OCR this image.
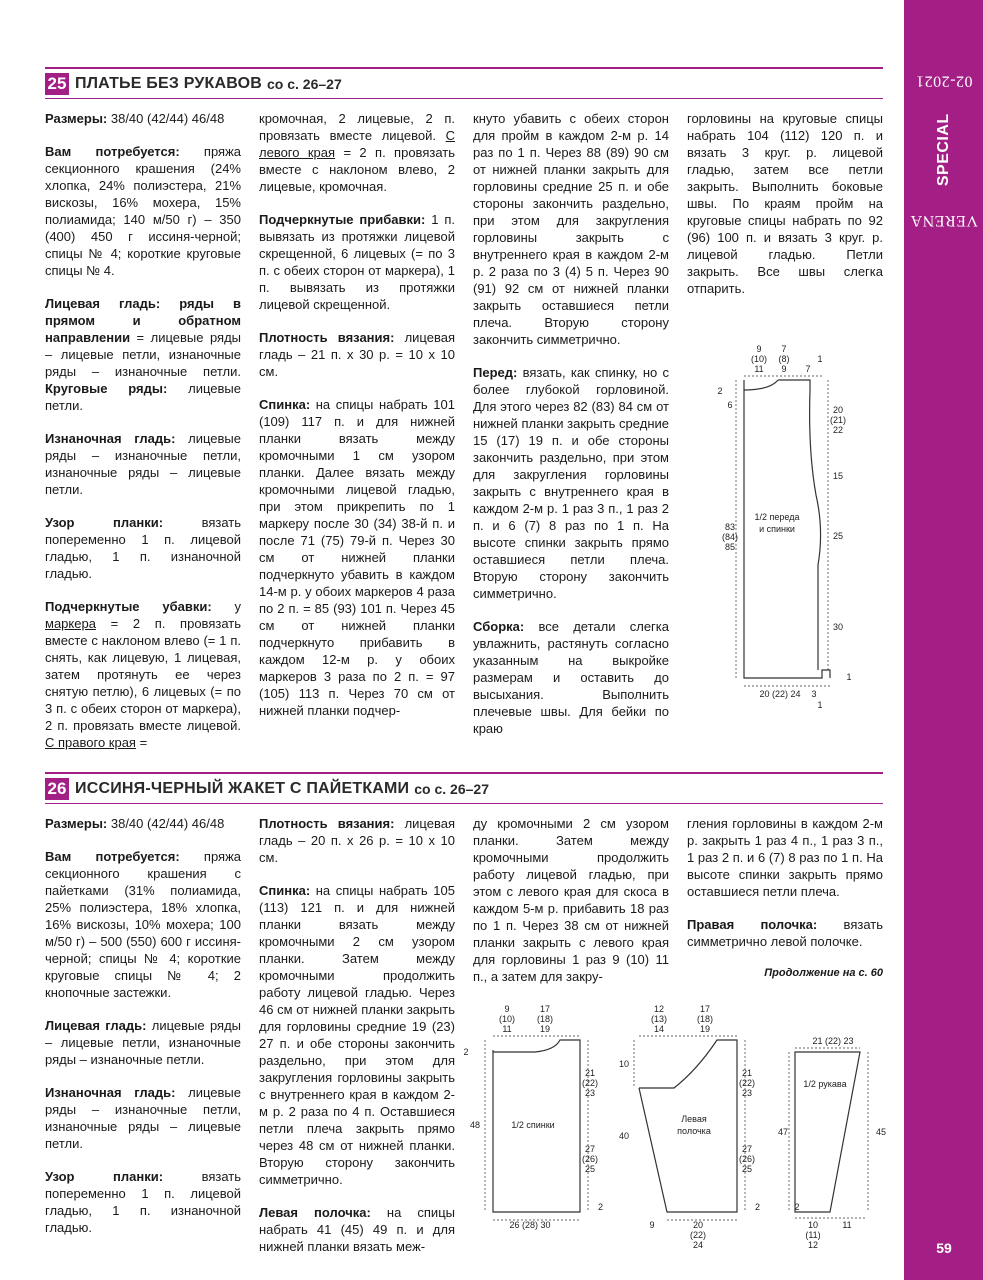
VERENASPECIAL 02-2021
59
25 ПЛАТЬЕ БЕЗ РУКАВОВ со с. 26–27

Размеры: 38/40 (42/44) 46/48

Вам потребуется: пряжа секционного крашения (24% хлопка, 24% полиэстера, 21% вискозы, 16% мохера, 15% полиамида; 140 м/50 г) – 350 (400) 450 г иссиня-черной; спицы № 4; короткие круговые спицы № 4.

Лицевая гладь: ряды в прямом и обратном направлении = лицевые ряды – лицевые петли, изнаночные ряды – изнаночные петли. Круговые ряды: лицевые петли.

Изнаночная гладь: лицевые ряды – изнаночные петли, изнаночные ряды – лицевые петли.

Узор планки: вязать попеременно 1 п. лицевой гладью, 1 п. изнаночной гладью.

Подчеркнутые убавки: у маркера = 2 п. провязать вместе с наклоном влево (= 1 п. снять, как лицевую, 1 лицевая, затем протянуть ее через снятую петлю), 6 лицевых (= по 3 п. с обеих сторон от маркера), 2 п. провязать вместе лицевой. С правого края =

кромочная, 2 лицевые, 2 п. провязать вместе лицевой. С левого края = 2 п. провязать вместе с наклоном влево, 2 лицевые, кромочная.

Подчеркнутые прибавки: 1 п. вывязать из протяжки лицевой скрещенной, 6 лицевых (= по 3 п. с обеих сторон от маркера), 1 п. вывязать из протяжки лицевой скрещенной.

Плотность вязания: лицевая гладь – 21 п. х 30 р. = 10 х 10 см.

Спинка: на спицы набрать 101 (109) 117 п. и для нижней планки вязать между кромочными 1 см узором планки. Далее вязать между кромочными лицевой гладью, при этом прикрепить по 1 маркеру после 30 (34) 38-й п. и после 71 (75) 79-й п. Через 30 см от нижней планки подчеркнуто убавить в каждом 14-м р. у обоих маркеров 4 раза по 2 п. = 85 (93) 101 п. Через 45 см от нижней планки подчеркнуто прибавить в каждом 12-м р. у обоих маркеров 3 раза по 2 п. = 97 (105) 113 п. Через 70 см от нижней планки подчер-

кнуто убавить с обеих сторон для пройм в каждом 2-м р. 14 раз по 1 п. Через 88 (89) 90 см от нижней планки закрыть для горловины средние 25 п. и обе стороны закончить раздельно, при этом для закругления горловины закрыть с внутреннего края в каждом 2-м р. 2 раза по 3 (4) 5 п. Через 90 (91) 92 см от нижней планки закрыть оставшиеся петли плеча. Вторую сторону закончить симметрично.

Перед: вязать, как спинку, но с более глубокой горловиной. Для этого через 82 (83) 84 см от нижней планки закрыть средние 15 (17) 19 п. и обе стороны закончить раздельно, при этом для закругления горловины закрыть с внутреннего края в каждом 2-м р. 1 раз 3 п., 1 раз 2 п. и 6 (7) 8 раз по 1 п. На высоте спинки закрыть прямо оставшиеся петли плеча. Вторую сторону закончить симметрично.

Сборка: все детали слегка увлажнить, растянуть согласно указанным на выкройке размерам и оставить до высыхания. Выполнить плечевые швы. Для бейки по краю

горловины на круговые спицы набрать 104 (112) 120 п. и вязать 3 круг. р. лицевой гладью, затем все петли закрыть. Выполнить боковые швы. По краям пройм на круговые спицы набрать по 92 (96) 100 п. и вязать 3 круг. р. лицевой гладью. Петли закрыть. Все швы слегка отпарить.

9
(10)
11
7
(8)
9
1
7
2
6	20
(21)
22
15
83
(84)
85
25
30
1
20 (22) 24 3
1
1/2 переда
и спинки
26 ИССИНЯ-ЧЕРНЫЙ ЖАКЕТ С ПАЙЕТКАМИ со с. 26–27

Размеры: 38/40 (42/44) 46/48

Вам потребуется: пряжа секционного крашения с пайетками (31% полиамида, 25% полиэстера, 18% хлопка, 16% вискозы, 10% мохера; 100 м/50 г) – 500 (550) 600 г иссиня-черной; спицы № 4; короткие круговые спицы № 4; 2 кнопочные застежки.

Лицевая гладь: лицевые ряды – лицевые петли, изнаночные ряды – изнаночные петли.

Изнаночная гладь: лицевые ряды – изнаночные петли, изнаночные ряды – лицевые петли.

Узор планки: вязать попеременно 1 п. лицевой гладью, 1 п. изнаночной гладью.

Плотность вязания: лицевая гладь – 20 п. х 26 р. = 10 х 10 см.

Спинка: на спицы набрать 105 (113) 121 п. и для нижней планки вязать между кромочными 2 см узором планки. Затем между кромочными продолжить работу лицевой гладью. Через 46 см от нижней планки закрыть для горловины средние 19 (23) 27 п. и обе стороны закончить раздельно, при этом для закругления горловины закрыть с внутреннего края в каждом 2-м р. 2 раза по 4 п. Оставшиеся петли плеча закрыть прямо через 48 см от нижней планки. Вторую сторону закончить симметрично.

Левая полочка: на спицы набрать 41 (45) 49 п. и для нижней планки вязать меж-

ду кромочными 2 см узором планки. Затем между кромочными продолжить работу лицевой гладью, при этом с левого края для скоса в каждом 5-м р. прибавить 18 раз по 1 п. Через 38 см от нижней планки закрыть с левого края для горловины 1 раз 9 (10) 11 п., а затем для закру-

гления горловины в каждом 2-м р. закрыть 1 раз 4 п., 1 раз 3 п., 1 раз 2 п. и 6 (7) 8 раз по 1 п. На высоте спинки закрыть прямо оставшиеся петли плеча.

Правая полочка: вязать симметрично левой полочке.

Продолжение на с. 60
9
(10)
11
17
(18)
19
2
21
(22)
23
48
27
(26)
25
2
26 (28) 30
1/2 спинки
12
(13)
14
17
(18)
19
10
21
(22)
23
40
27
(26)
25
2
9	20
(22)
24
Левая
полочка
21 (22) 23
47	45
2
10
(11)
12
11
1/2 рукава
